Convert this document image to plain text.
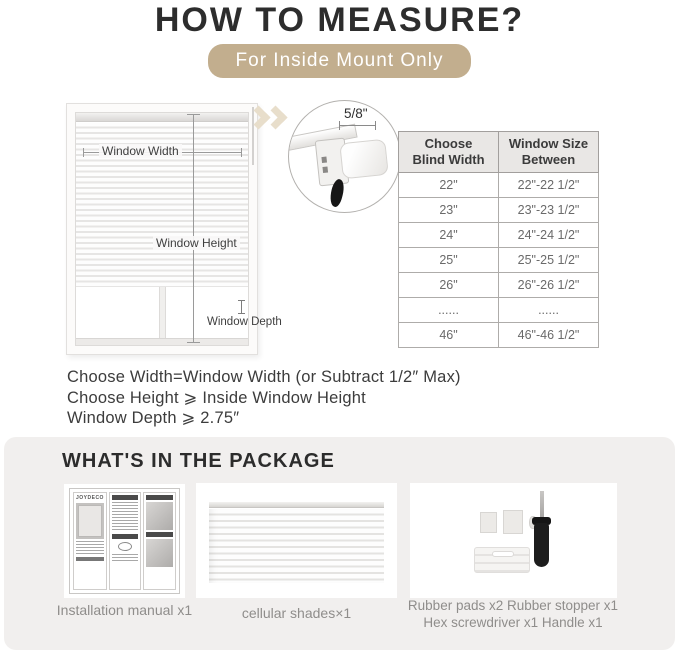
HOW TO MEASURE?
For Inside Mount Only
Window Width
Window Height
Window Depth
5/8"
Choose Blind Width	Window Size Between
22"	22"-22 1/2"
23"	23"-23 1/2"
24"	24"-24 1/2"
25"	25"-25 1/2"
26"	26"-26 1/2"
......	......
46"	46"-46 1/2"
Choose Width=Window Width (or Subtract 1/2″ Max)
Choose Height ⩾ Inside Window Height
Window Depth ⩾ 2.75″
WHAT'S IN THE PACKAGE
JOYDECO
Installation manual x1	cellular shades×1	Rubber pads x2 Rubber stopper x1
Hex screwdriver x1 Handle x1
